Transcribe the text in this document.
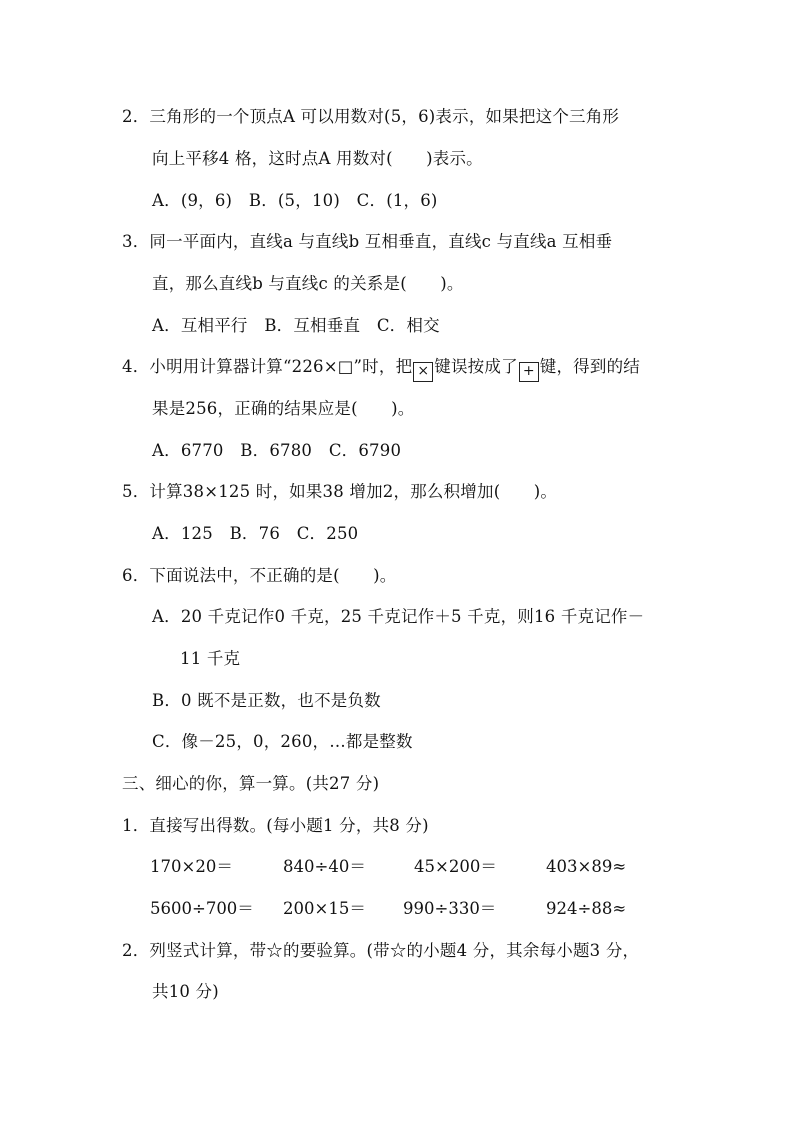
2．三角形的一个顶点A 可以用数对(5，6)表示，如果把这个三角形
向上平移4 格，这时点A 用数对(　　)表示。
A．(9，6)　B．(5，10)　C．(1，6)
3．同一平面内，直线a 与直线b 互相垂直，直线c 与直线a 互相垂
直，那么直线b 与直线c 的关系是(　　)。
A．互相平行　B．互相垂直　C．相交
4．小明用计算器计算“226×□”时，把 × 键误按成了 + 键，得到的结
果是256，正确的结果应是(　　)。
A．6770　B．6780　C．6790
5．计算38×125 时，如果38 增加2，那么积增加(　　)。
A．125　B．76　C．250
6．下面说法中，不正确的是(　　)。
A．20 千克记作0 千克，25 千克记作＋5 千克，则16 千克记作－
11 千克
B．0 既不是正数，也不是负数
C．像－25，0，260，…都是整数
三、细心的你，算一算。(共27 分)
1．直接写出得数。(每小题1 分，共8 分)
170×20＝	840÷40＝	45×200＝	403×89≈
5600÷700＝ 200×15＝ 990÷330＝	924÷88≈
2．列竖式计算，带☆的要验算。(带☆的小题4 分，其余每小题3 分，
共10 分)
